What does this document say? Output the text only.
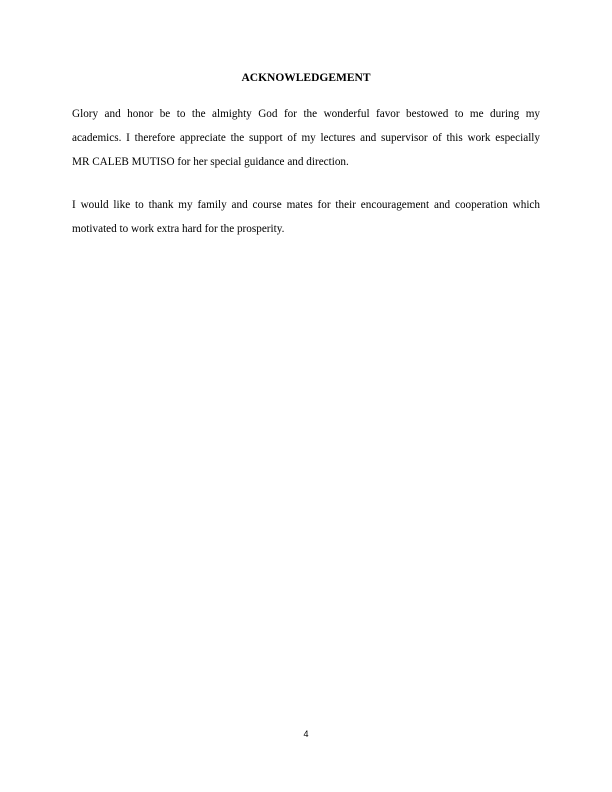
ACKNOWLEDGEMENT

Glory and honor be to the almighty God for the wonderful favor bestowed to me during my
academics. I therefore appreciate the support of my lectures and supervisor of this work especially
MR CALEB MUTISO for her special guidance and direction.

I would like to thank my family and course mates for their encouragement and cooperation which
motivated to work extra hard for the prosperity.

4
